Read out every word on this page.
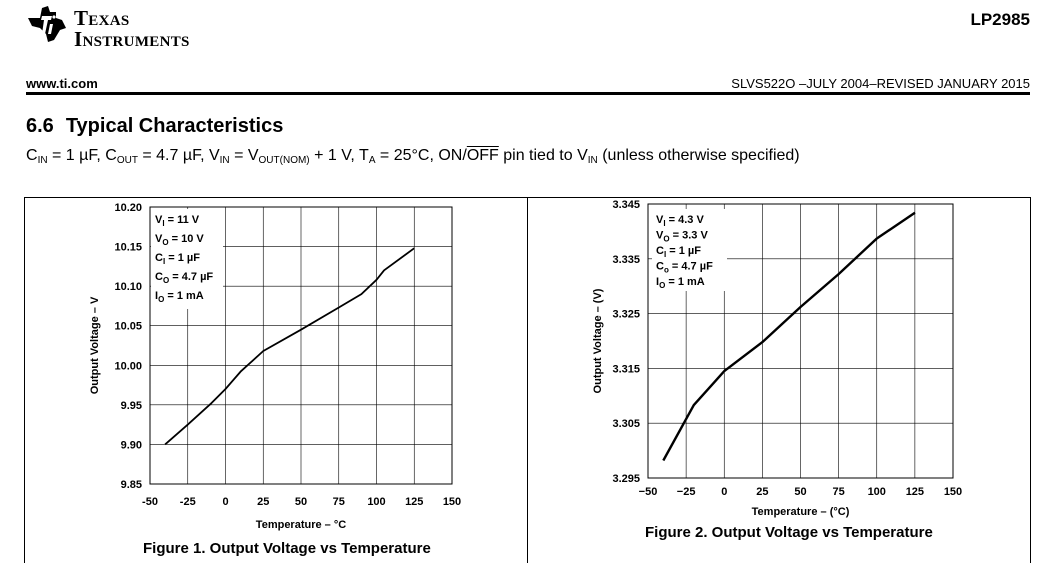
Texas
Instruments
LP2985
www.ti.com	SLVS522O –JULY 2004–REVISED JANUARY 2015
6.6 Typical Characteristics
$C_{IN} = 1$ µF, $C_{OUT} = 4.7$ µF, $V_{IN} = V_{OUT(NOM)} + 1$ V, $T_A = 25^\circ C$, $ON/\overline{OFF}$ pin tied to $V_{IN}$ (unless otherwise specified)
-50 -25 0	25 50 75 100 125 150
10.20
10.15
10.10
10.05
10.00
9.95
9.90
9.85
Temperature – °C
Output Voltage – V
$V_I = 11$ V
$V_O = 10$ V
$C_I = 1$ µF
$C_O = 4.7$ µF
$I_O = 1$ mA
Figure 1. Output Voltage vs Temperature
−50 −25 0	25 50 75 100 125 150
3.345
3.335
3.325
3.315
3.305
3.295
Temperature – (°C)
Output Voltage – (V)
$V_I = 4.3$ V
$V_O = 3.3$ V
$C_I = 1$ µF
$C_o = 4.7$ µF
$I_O = 1$ mA
Figure 2. Output Voltage vs Temperature
